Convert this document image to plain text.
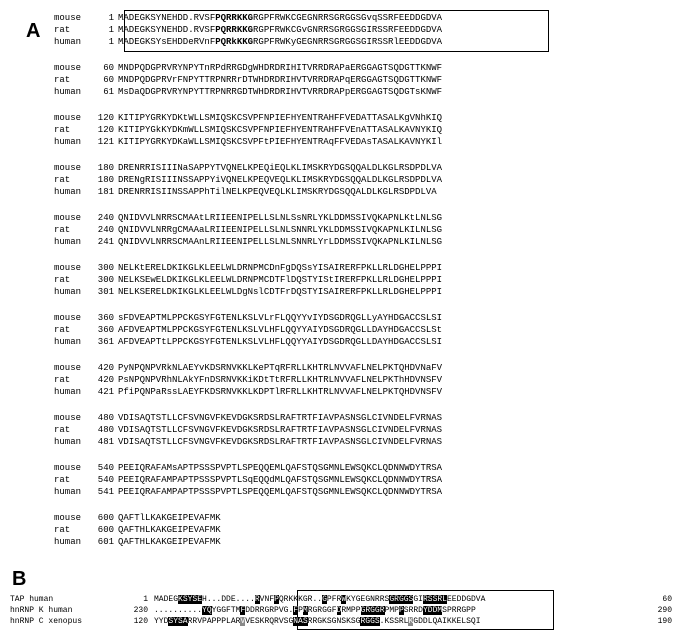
A
mouse	1 MADEGKSYNEHDD.RVSFPQRRKKGRGPFRWKCGEGNRRSGRGGSGvqSSRFEEDDGDVA
rat	1 MADEGKSYNEHDD.RVSFPQRRKKGRGPFRWKCGvGNRRSGRGGSGIRSSRFEEDDGDVA
human	1 MADEGKSYsEHDDeRVnFPQRkKKGRGPFRWKyGEGNRRSGRGGSGIRSSRlEEDDGDVA
mouse 60 MNDPQDGPRVRYNPYTnRPdRRGDgWHDRDRIHITVRRDRAPaERGGAGTSQDGTTKNWF
rat	60 MNDPQDGPRVrFNPYTTRPNRRrDTWHDRDRIHVTVRRDRAPqERGGAGTSQDGTTKNWF
human 61 MsDaQDGPRVRYNPYTTRPNRRGDTWHDRDRIHVTVRRDRAPpERGGAGTSQDGTsKNWF
mouse 120 KITIPYGRKYDKtWLLSMIQSKCSVPFNPIEFHYENTRAHFFVEDATTASALKgVNhKIQ
rat	120 KITIPYGkKYDKmWLLSMIQSKCSVPFNPIEFHYENTRAHFFVEnATTASALKAVNYKIQ
human 121 KITIPYGRKYDKaWLLSMIQSKCSVPFtPIEFHYENTRAqFFVEDAsTASALKAVNYKIl
mouse 180 DRENRRISIIINaSAPPYTVQNELKPEQiEQLKLIMSKRYDGSQQALDLKGLRSDPDLVA
rat	180 DRENgRISIIINSSAPPYiVQNELKPEQVEQLKLIMSKRYDGSQQALDLKGLRSDPDLVA
human 181 DRENRRISIINSSAPPhTilNELKPEQVEQLKLIMSKRYDGSQQALDLKGLRSDPDLVA
mouse 240 QNIDVVLNRRSCMAAtLRIIEENIPELLSLNLSsNRLYKLDDMSSIVQKAPNLKtLNLSG
rat	240 QNIDVVLNRRgCMAAaLRIIEENIPELLSLNLSNNRLYKLDDMSSIVQKAPNLKILNLSG
human 241 QNIDVVLNRRSCMAAnLRIIEENIPELLSLNLSNNRLYrLDDMSSIVQKAPNLKILNLSG
mouse 300 NELKtERELDKIKGLKLEELWLDRNPMCDnFgDQSsYISAIRERFPKLLRLDGHELPPPI
rat	300 NELKSEwELDKIKGLKLEELWLDRNPMCDTFlDQSTYIStIRERFPKLLRLDGHELPPPI
human 301 NELKSERELDKIKGLKLEELWLDgNslCDTFrDQSTYISAIRERFPKLLRLDGHELPPPI
mouse 360 sFDVEAPTMLPPCKGSYFGTENLKSLVLrFLQQYYvIYDSGDRQGLLyAYHDGACCSLSI
rat	360 AFDVEAPTMLPPCKGSYFGTENLKSLVLHFLQQYYAIYDSGDRQGLLDAYHDGACCSLSt
human 361 AFDVEAPTtLPPCKGSYFGTENLKSLVLHFLQQYYAIYDSGDRQGLLDAYHDGACCSLSI
mouse 420 PyNPQNPVRkNLAEYvKDSRNVKKLKePTqRFRLLKHTRLNVVAFLNELPKTQHDVNaFV
rat	420 PsNPQNPVRhNLAkYFnDSRNVKKiKDtTtRFRLLKHTRLNVVAFLNELPKThHDVNSFV
human 421 PfiPQNPaRssLAEYFKDSRNVKKLKDPTlRFRLLKHTRLNVVAFLNELPKTQHDVNSFV
mouse 480 VDISAQTSTLLCFSVNGVFKEVDGKSRDSLRAFTRTFIAVPASNSGLCIVNDELFVRNAS
rat	480 VDISAQTSTLLCFSVNGVFKEVDGKSRDSLRAFTRTFIAVPASNSGLCIVNDELFVRNAS
human 481 VDISAQTSTLLCFSVNGVFKEVDGKSRDSLRAFTRTFIAVPASNSGLCIVNDELFVRNAS
mouse 540 PEEIQRAFAMsAPTPSSSPVPTLSPEQQEMLQAFSTQSGMNLEWSQKCLQDNNWDYTRSA
rat	540 PEEIQRAFAMPAPTPSSSPVPTLSqEQQdMLQAFSTQSGMNLEWSQKCLQDNNWDYTRSA
human 541 PEEIQRAFAMPAPTPSSSPVPTLSPEQQEMLQAFSTQSGMNLEWSQKCLQDNNWDYTRSA
mouse 600 QAFTlLKAKGEIPEVAFMK
rat	600 QAFTHLKAKGEIPEVAFMK
human 601 QAFTHLKAKGEIPEVAFMK
B
TAP human	1 MADEGKSYSEH...DDE....RVNFPQRKKKGR..GPFRWKYGEGNRRSGRGGSGIRSSRLEEDDGDVA	60
hnRNP K human	230 ..........YQYGGFTMFDDRRGRPVG.FPMRGRGGFDRMPPGRGGRPMPPSRRDYDDMSPRRGPP	290
hnRNP C xenopus	120 YYDSYSARRVPAPPPLARVVESKRQRVSGNASRRGKSGNSKSGRGGS.KSSRLKGDDLQAIKKELSQI	190
